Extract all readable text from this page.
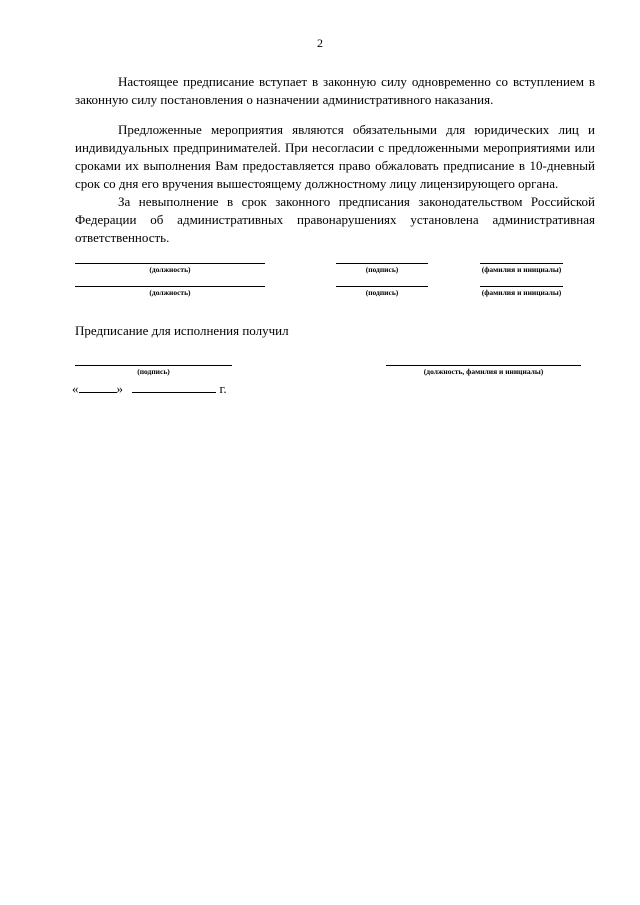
2

Настоящее предписание вступает в законную силу одновременно со вступлением в законную силу постановления о назначении административного наказания.

Предложенные мероприятия являются обязательными для юридических лиц и индивидуальных предпринимателей. При несогласии с предложенными мероприятиями или сроками их выполнения Вам предоставляется право обжаловать предписание в 10-дневный срок со дня его вручения вышестоящему должностному лицу лицензирующего органа.

За невыполнение в срок законного предписания законодательством Российской Федерации об административных правонарушениях установлена административная ответственность.

(должность)	(подпись)	(фамилия и инициалы)
(должность)	(подпись)	(фамилия и инициалы)

Предписание для исполнения получил

(подпись)	(должность, фамилия и инициалы)
«	»	г.
